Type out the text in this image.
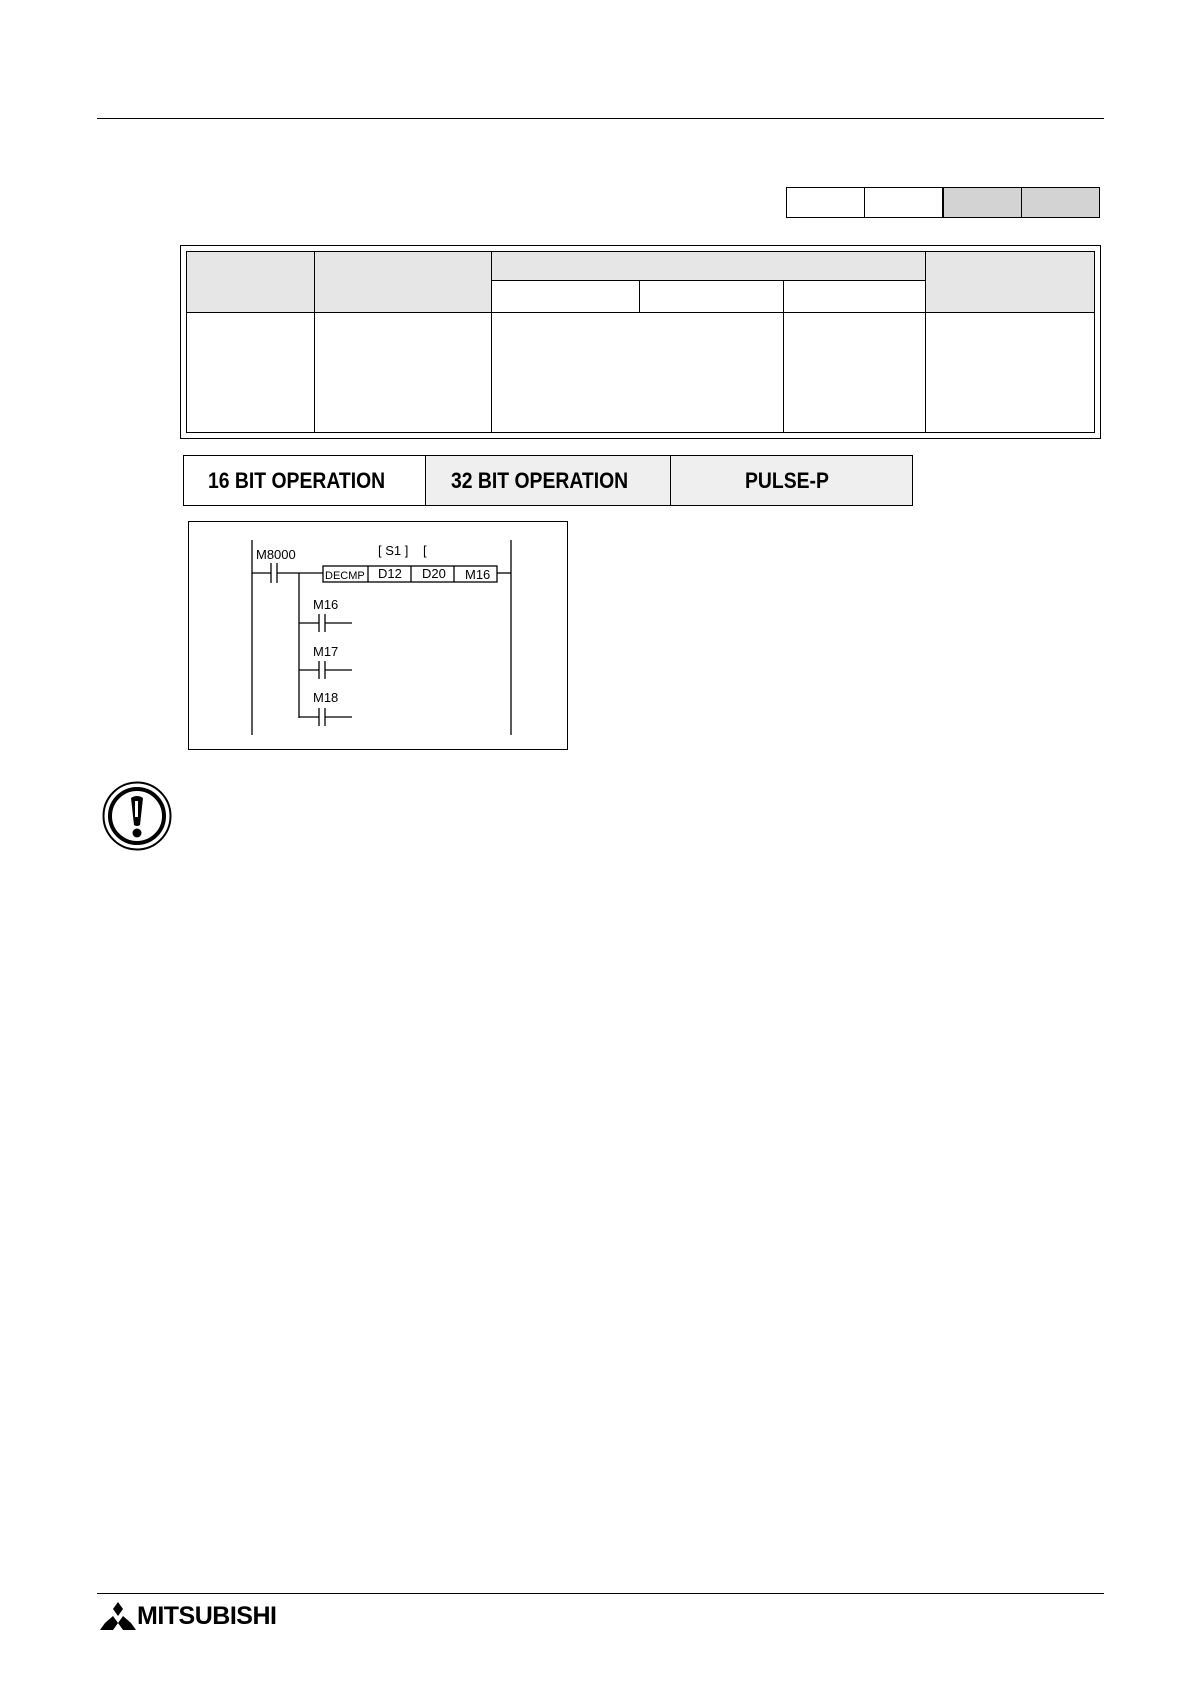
16 BIT OPERATION	32 BIT OPERATION	PULSE-P
M8000	[ S1 ] [
DECMP D12 D20 M16
M16
M17
M18
MITSUBISHI
